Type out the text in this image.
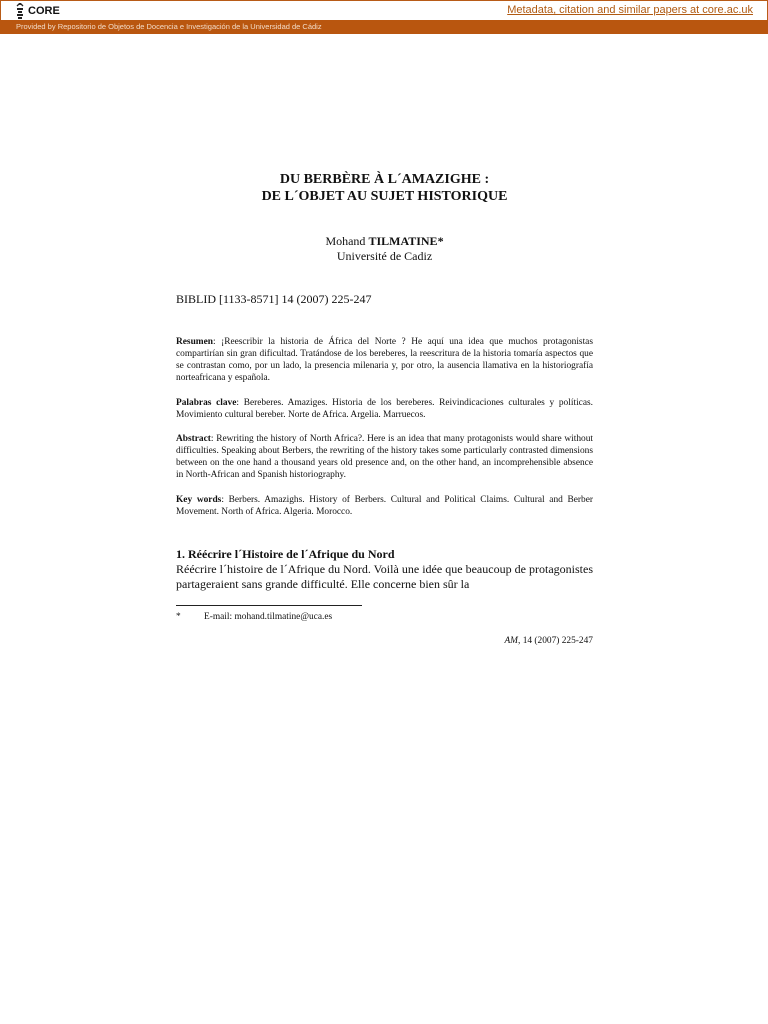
CORE	Metadata, citation and similar papers at core.ac.uk
Provided by Repositorio de Objetos de Docencia e Investigación de la Universidad de Cádiz
DU BERBÈRE À L´AMAZIGHE :
DE L´OBJET AU SUJET HISTORIQUE
Mohand TILMATINE*
Université de Cadiz
BIBLID [1133-8571] 14 (2007) 225-247
Resumen: ¡Reescribir la historia de África del Norte ? He aquí una idea que muchos protagonistas compartirían sin gran dificultad. Tratándose de los bereberes, la reescritura de la historia tomaría aspectos que se contrastan como, por un lado, la presencia milenaria y, por otro, la ausencia llamativa en la historiografía norteafricana y española.
Palabras clave: Bereberes. Amaziges. Historia de los bereberes. Reivindicaciones culturales y políticas. Movimiento cultural bereber. Norte de Africa. Argelia. Marruecos.
Abstract: Rewriting the history of North Africa?. Here is an idea that many protagonists would share without difficulties. Speaking about Berbers, the rewriting of the history takes some particularly contrasted dimensions between on the one hand a thousand years old presence and, on the other hand, an incomprehensible absence in North-African and Spanish historiography.
Key words: Berbers. Amazighs. History of Berbers. Cultural and Political Claims. Cultural and Berber Movement. North of Africa. Algeria. Morocco.
1. Réécrire l´Histoire de l´Afrique du Nord
Réécrire l´histoire de l´Afrique du Nord. Voilà une idée que beaucoup de protagonistes partageraient sans grande difficulté. Elle concerne bien sûr la
* E-mail: mohand.tilmatine@uca.es
AM, 14 (2007) 225-247
